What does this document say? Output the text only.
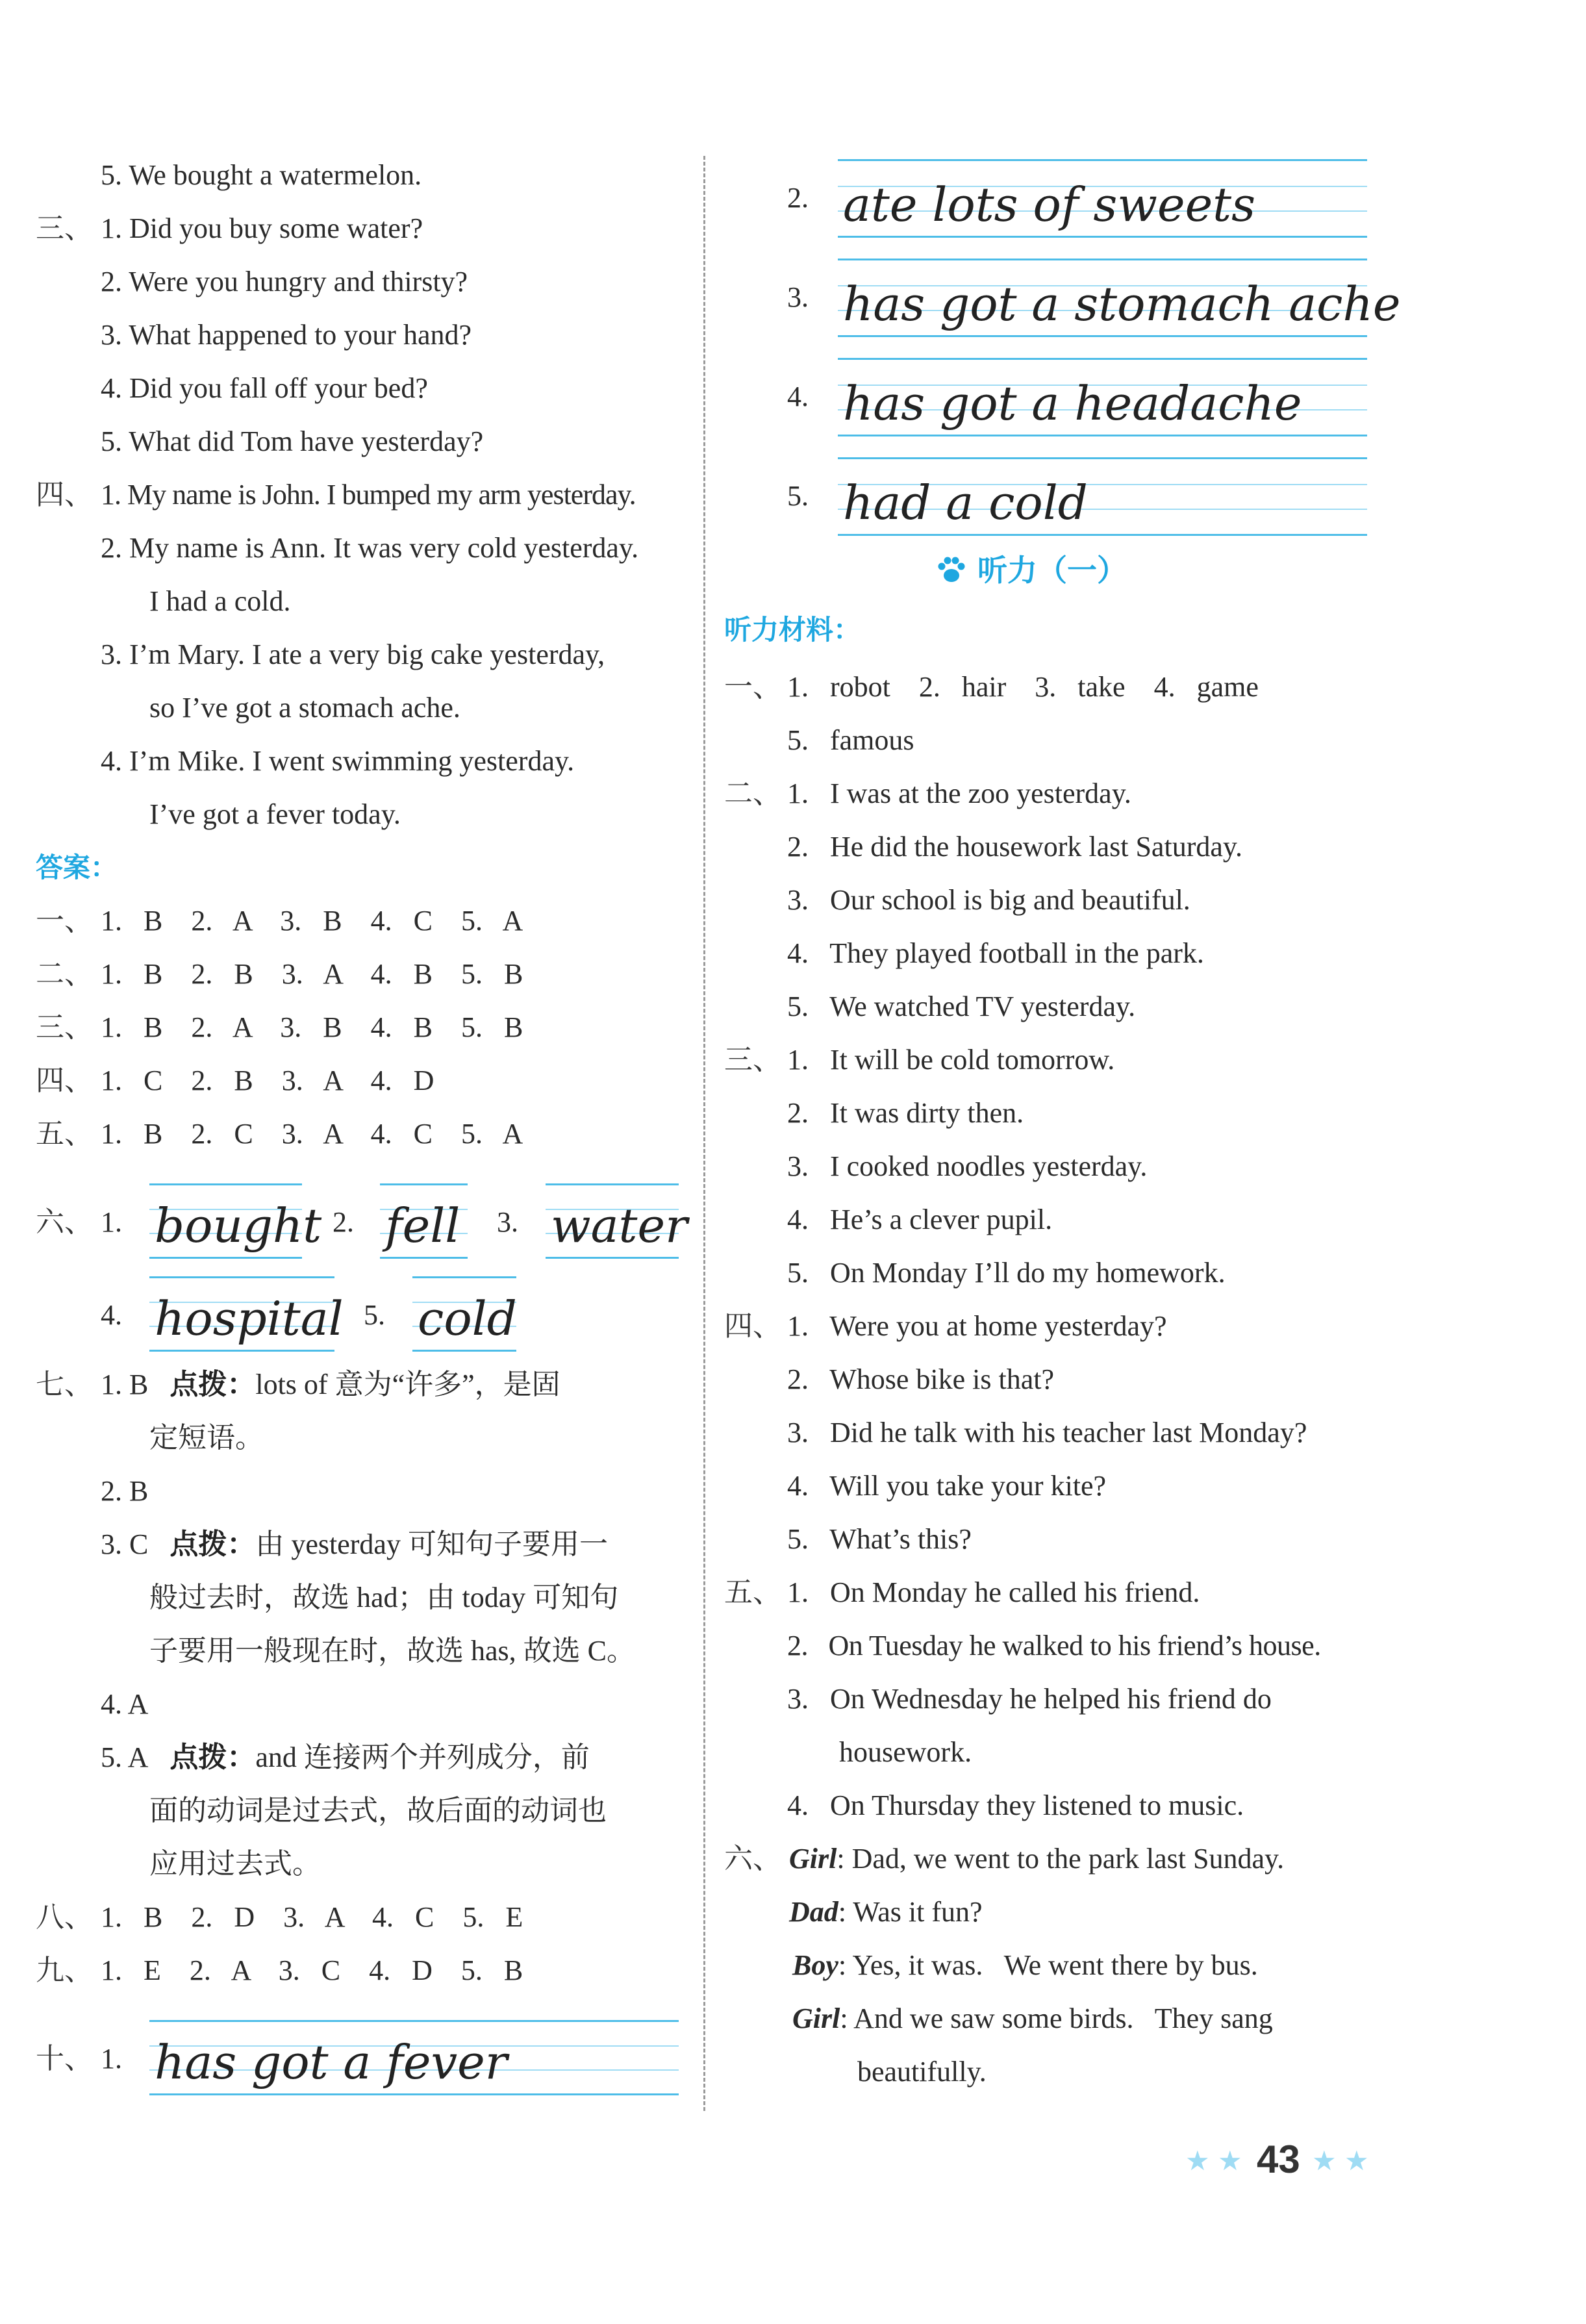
5. We bought a watermelon.
三、 1. Did you buy some water?
2. Were you hungry and thirsty?
3. What happened to your hand?
4. Did you fall off your bed?
5. What did Tom have yesterday?
四、 1. My name is John. I bumped my arm yesterday.
2. My name is Ann. It was very cold yesterday.
I had a cold.
3. I’m Mary. I ate a very big cake yesterday,
so I’ve got a stomach ache.
4. I’m Mike. I went swimming yesterday.
I’ve got a fever today.
答案：
一、 1.   B    2.   A    3.   B    4.   C    5.   A
二、 1.   B    2.   B    3.   A    4.   B    5.   B
三、 1.   B    2.   A    3.   B    4.   B    5.   B
四、 1.   C    2.   B    3.   A    4.   D
五、 1.   B    2.   C    3.   A    4.   C    5.   A
六、 1. bought 2. fell 3. water
4. hospital 5. cold
七、 1. B 点拨：lots of 意为“许多”，是固
定短语。
2. B
3. C 点拨：由 yesterday 可知句子要用一
般过去时，故选 had；由 today 可知句
子要用一般现在时，故选 has, 故选 C。
4. A
5. A 点拨：and 连接两个并列成分，前
面的动词是过去式，故后面的动词也
应用过去式。
八、 1.   B    2.   D    3.   A    4.   C    5.   E
九、 1.   E    2.   A    3.   C    4.   D    5.   B
十、 1. has got a fever
2. ate lots of sweets
3. has got a stomach ache
4. has got a headache
5. had a cold
听力（一）
听力材料：
一、 1.   robot    2.   hair    3.   take    4.   game
5.   famous
二、 1.   I was at the zoo yesterday.
2.   He did the housework last Saturday.
3.   Our school is big and beautiful.
4.   They played football in the park.
5.   We watched TV yesterday.
三、 1.   It will be cold tomorrow.
2.   It was dirty then.
3.   I cooked noodles yesterday.
4.   He’s a clever pupil.
5.   On Monday I’ll do my homework.
四、 1.   Were you at home yesterday?
2.   Whose bike is that?
3.   Did he talk with his teacher last Monday?
4.   Will you take your kite?
5.   What’s this?
五、 1.   On Monday he called his friend.
2.   On Tuesday he walked to his friend’s house.
3.   On Wednesday he helped his friend do
housework.
4.   On Thursday they listened to music.
六、 Girl: Dad, we went to the park last Sunday.
Dad: Was it fun?
Boy: Yes, it was.   We went there by bus.
Girl: And we saw some birds.   They sang
beautifully.
★ ★ 43 ★ ★
